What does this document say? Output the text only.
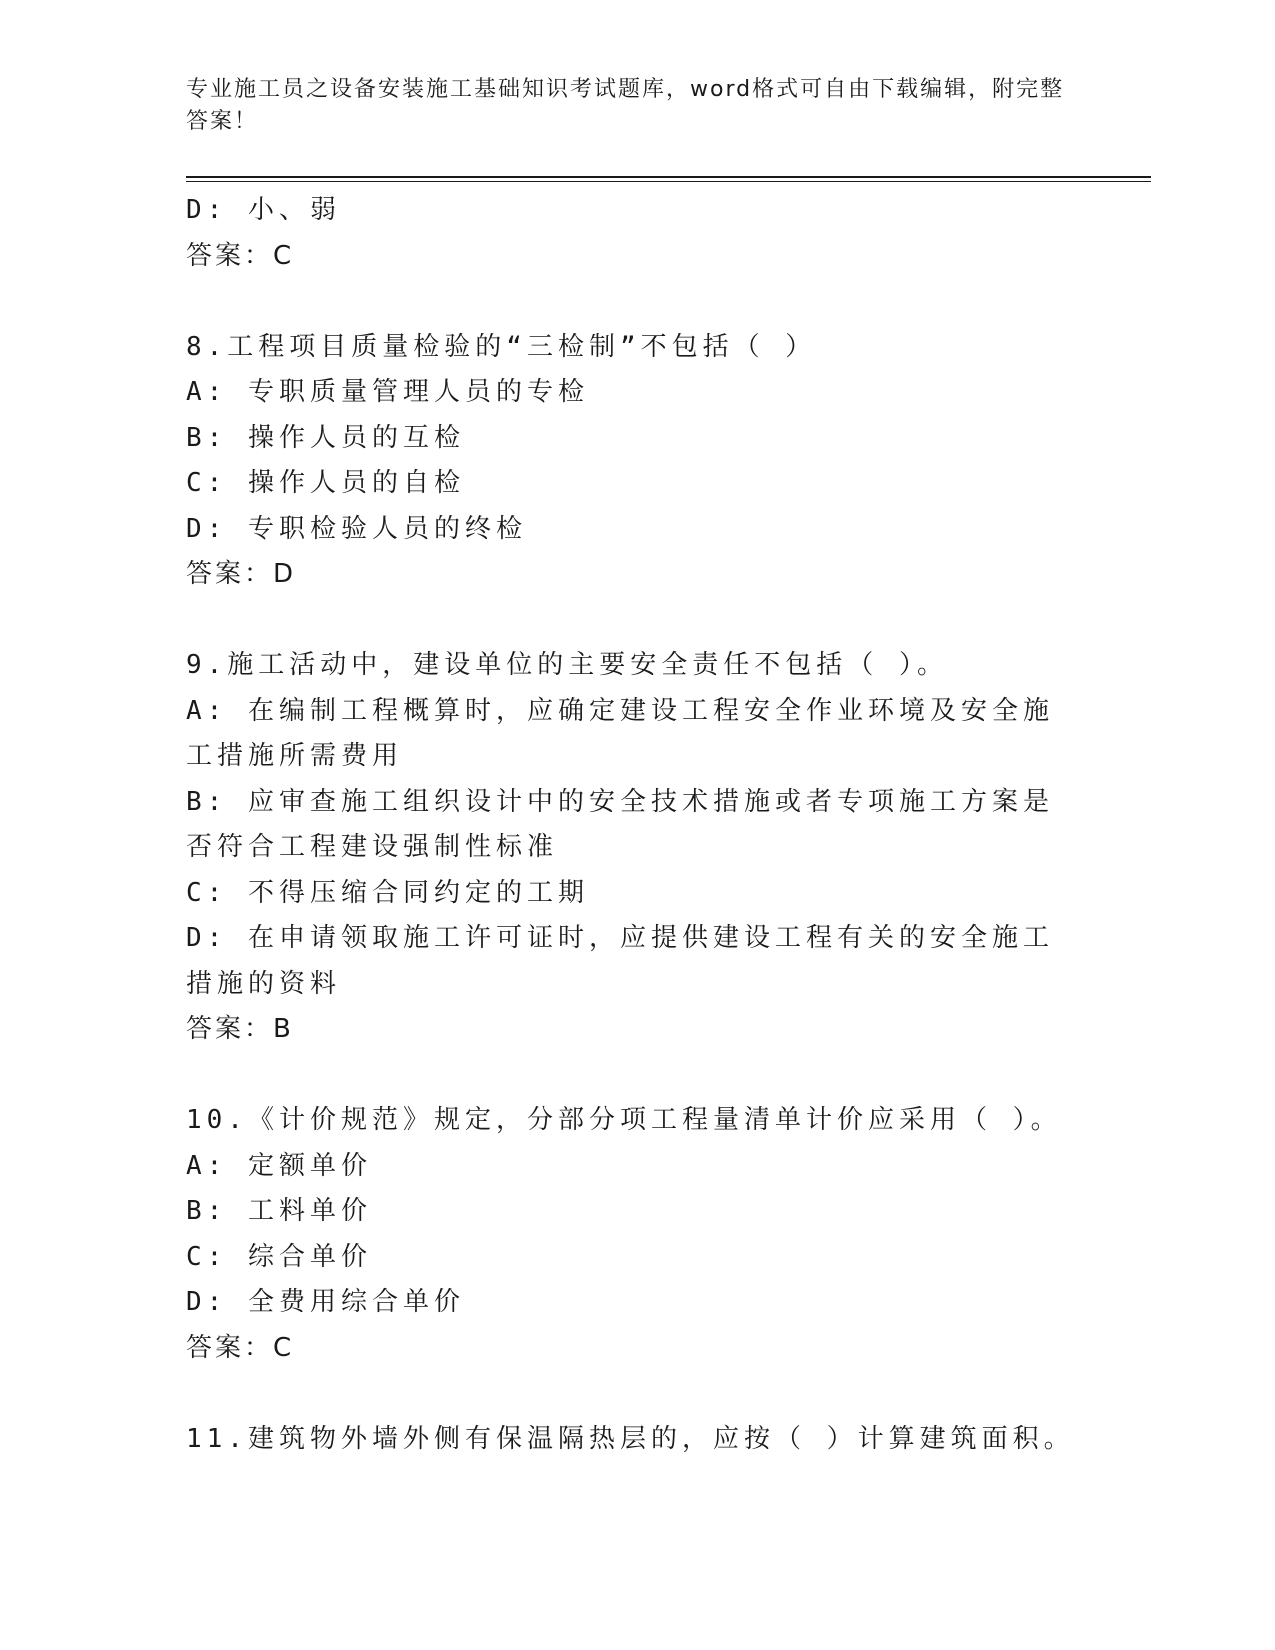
专业施工员之设备安装施工基础知识考试题库，word格式可自由下载编辑，附完整答案！
D: 小、弱
答案：C
8.工程项目质量检验的“三检制”不包括（ ）
A: 专职质量管理人员的专检
B: 操作人员的互检
C: 操作人员的自检
D: 专职检验人员的终检
答案：D
9.施工活动中，建设单位的主要安全责任不包括（ ）。
A: 在编制工程概算时，应确定建设工程安全作业环境及安全施工措施所需费用
B: 应审查施工组织设计中的安全技术措施或者专项施工方案是否符合工程建设强制性标准
C: 不得压缩合同约定的工期
D: 在申请领取施工许可证时，应提供建设工程有关的安全施工措施的资料
答案：B
10.《计价规范》规定，分部分项工程量清单计价应采用（ ）。
A: 定额单价
B: 工料单价
C: 综合单价
D: 全费用综合单价
答案：C
11.建筑物外墙外侧有保温隔热层的，应按（ ）计算建筑面积。
